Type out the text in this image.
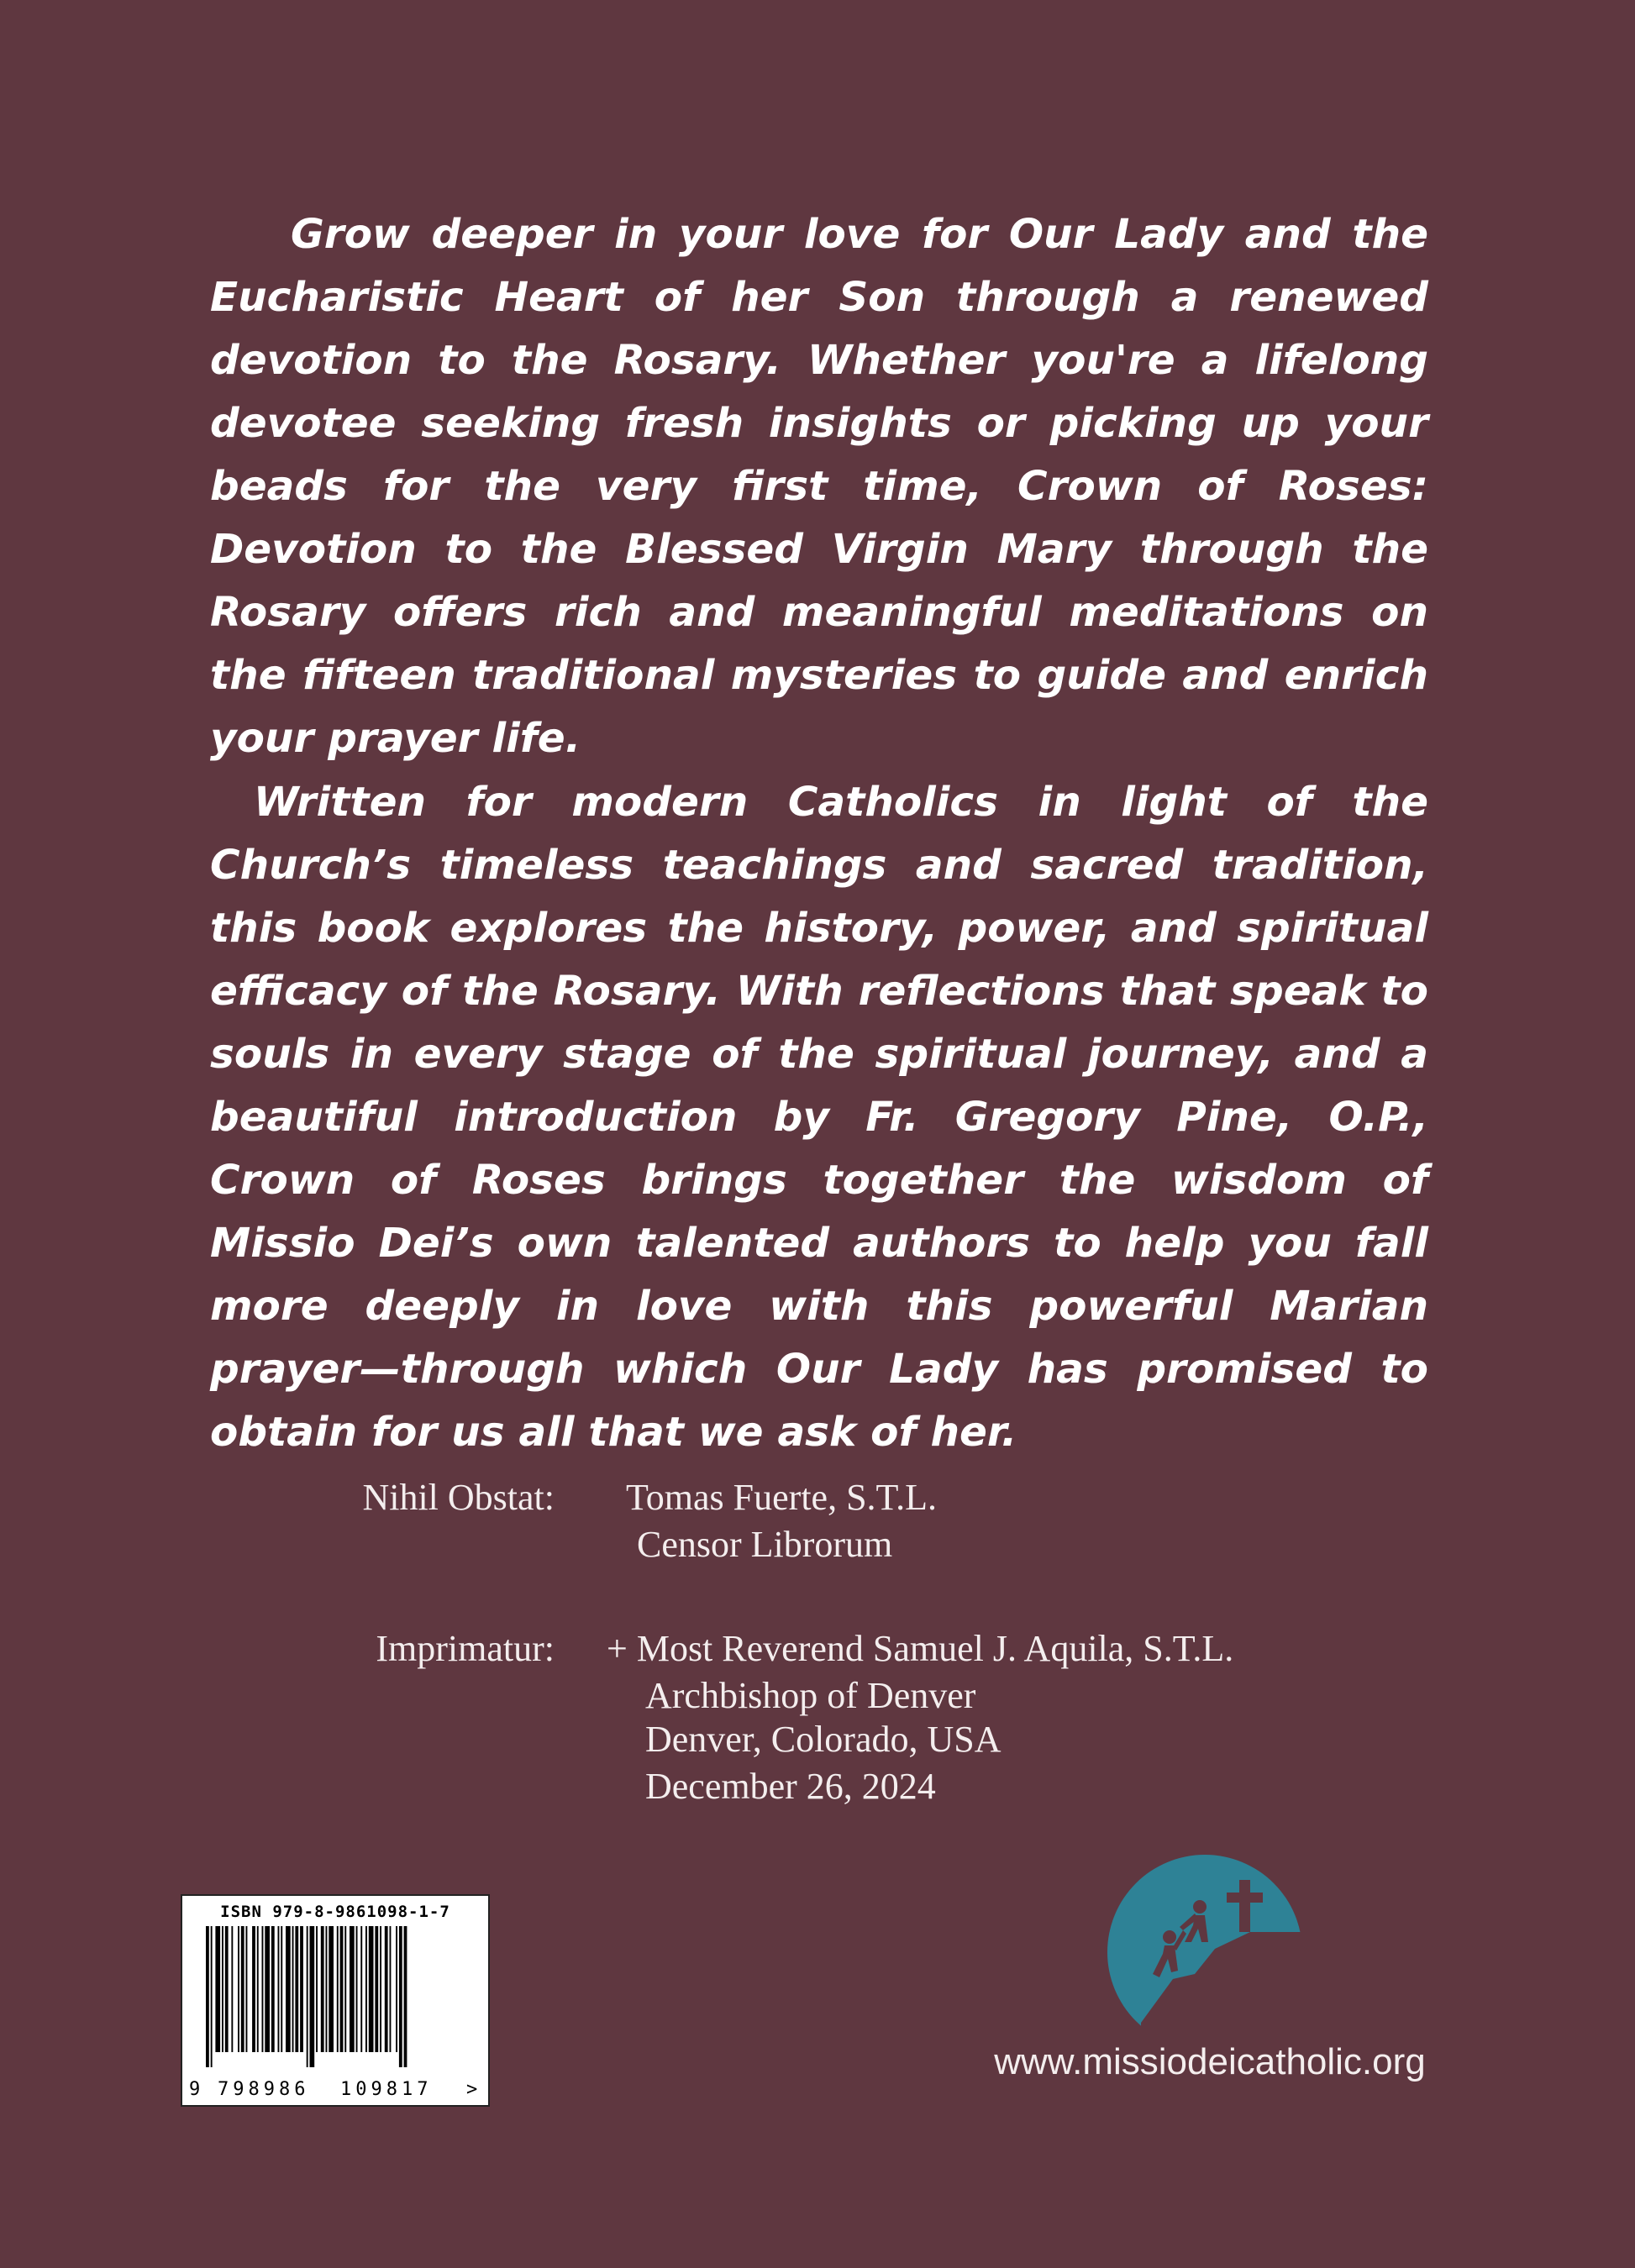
Grow deeper in your love for Our Lady and the Eucharistic Heart of her Son through a renewed devotion to the Rosary. Whether you're a lifelong devotee seeking fresh insights or picking up your beads for the very first time, Crown of Roses: Devotion to the Blessed Virgin Mary through the Rosary offers rich and meaningful meditations on the fifteen traditional mysteries to guide and enrich your prayer life.

Written for modern Catholics in light of the Church’s timeless teachings and sacred tradition, this book explores the history, power, and spiritual efficacy of the Rosary. With reflections that speak to souls in every stage of the spiritual journey, and a beautiful introduction by Fr. Gregory Pine, O.P., Crown of Roses brings together the wisdom of Missio Dei’s own talented authors to help you fall more deeply in love with this powerful Marian prayer—through which Our Lady has promised to obtain for us all that we ask of her.

Nihil Obstat: Tomas Fuerte, S.T.L.
Censor Librorum
Imprimatur: + Most Reverend Samuel J. Aquila, S.T.L.
Archbishop of Denver
Denver, Colorado, USA
December 26, 2024
ISBN 979-8-9861098-1-7
9 798986 109817 >
www.missiodeicatholic.org
